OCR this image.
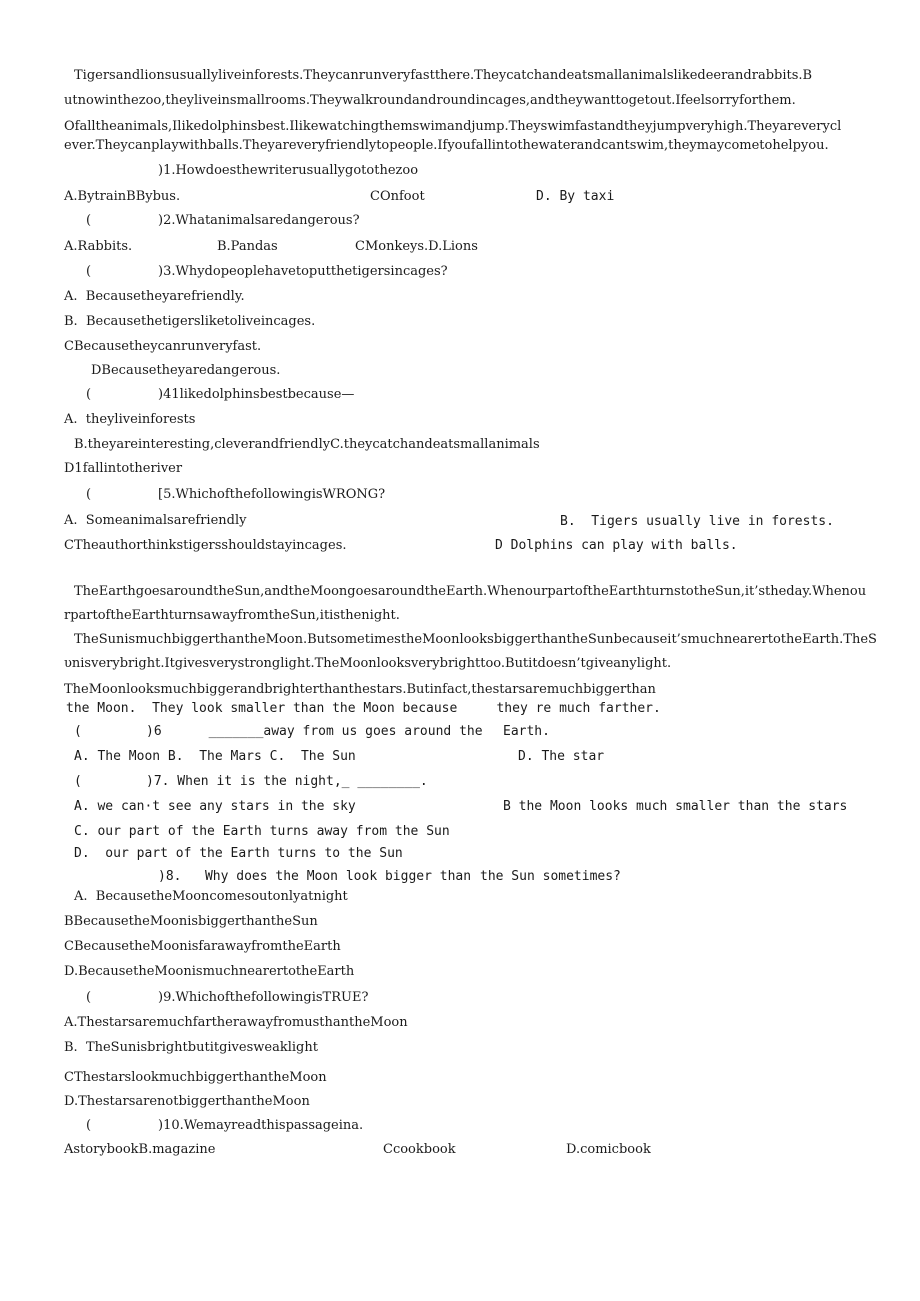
Tigersandlionsusuallyliveinforests.Theycanrunveryfastthere.Theycatchandeatsmallanimalslikedeerandrabbits.B
utnowinthezoo,theyliveinsmallrooms.Theywalkroundandroundincages,andtheywanttogetout.Ifeelsorryforthem.
Ofalltheanimals,Ilikedolphinsbest.Ilikewatchingthemswimandjump.Theyswimfastandtheyjumpveryhigh.Theyareverycl
ever.Theycanplaywithballs.Theyareveryfriendlytopeople.Ifyoufallintothewaterandcantswim,theymaycometohelpyou.
)1.Howdoesthewriterusuallygotothezoo
A.BytrainBBybus.	COnfoot	D. By taxi
(	)2.Whatanimalsaredangerous?
A.Rabbits.	B.Pandas	CMonkeys.D.Lions
(	)3.Whydopeoplehavetoputthetigersincages?
A.  Becausetheyarefriendly.
B.  Becausethetigersliketoliveincages.
CBecausetheycanrunveryfast.
DBecausetheyaredangerous.
(	)41likedolphinsbestbecause—
A.  theyliveinforests
B.theyareinteresting,cleverandfriendlyC.theycatchandeatsmallanimals
D1fallintotheriver
(	[5.WhichofthefollowingisWRONG?
A.  Someanimalsarefriendly	B.  Tigers usually live in forests.
CTheauthorthinkstigersshouldstayincages.	D Dolphins can play with balls.
TheEarthgoesaroundtheSun,andtheMoongoesaroundtheEarth.WhenourpartoftheEarthturnstotheSun,it’stheday.Whenou
rpartoftheEarthturnsawayfromtheSun,itisthenight.
TheSunismuchbiggerthantheMoon.ButsometimestheMoonlooksbiggerthantheSunbecauseit’smuchnearertotheEarth.TheS
υnisverybright.Itgivesverystronglight.TheMoonlooksverybrighttoo.Butitdoesn’tgiveanylight.
TheMoonlooksmuchbiggerandbrighterthanthestars.Butinfact,thestarsaremuchbiggerthan
the Moon.  They look smaller than the Moon because     they re much farther.
(	)6      _______away from us goes around the Earth.
A. The Moon B.  The Mars C.  The Sun	D. The star
(	)7. When it is the night,_ ________.
A. we can·t see any stars in the sky	B the Moon looks much smaller than the stars
C. our part of the Earth turns away from the Sun
D.  our part of the Earth turns to the Sun
)8.   Why does the Moon look bigger than the Sun sometimes?
A.  BecausetheMooncomesoutonlyatnight
BBecausetheMoonisbiggerthantheSun
CBecausetheMoonisfarawayfromtheEarth
D.BecausetheMoonismuchnearertotheEarth
(	)9.WhichofthefollowingisTRUE?
A.ThestarsaremuchfartherawayfromusthantheMoon
B.  TheSunisbrightbutitgivesweaklight
CThestarslookmuchbiggerthantheMoon
D.ThestarsarenotbiggerthantheMoon
(	)10.Wemayreadthispassageina.
AstorybookB.magazine	Ccookbook	D.comicbook
